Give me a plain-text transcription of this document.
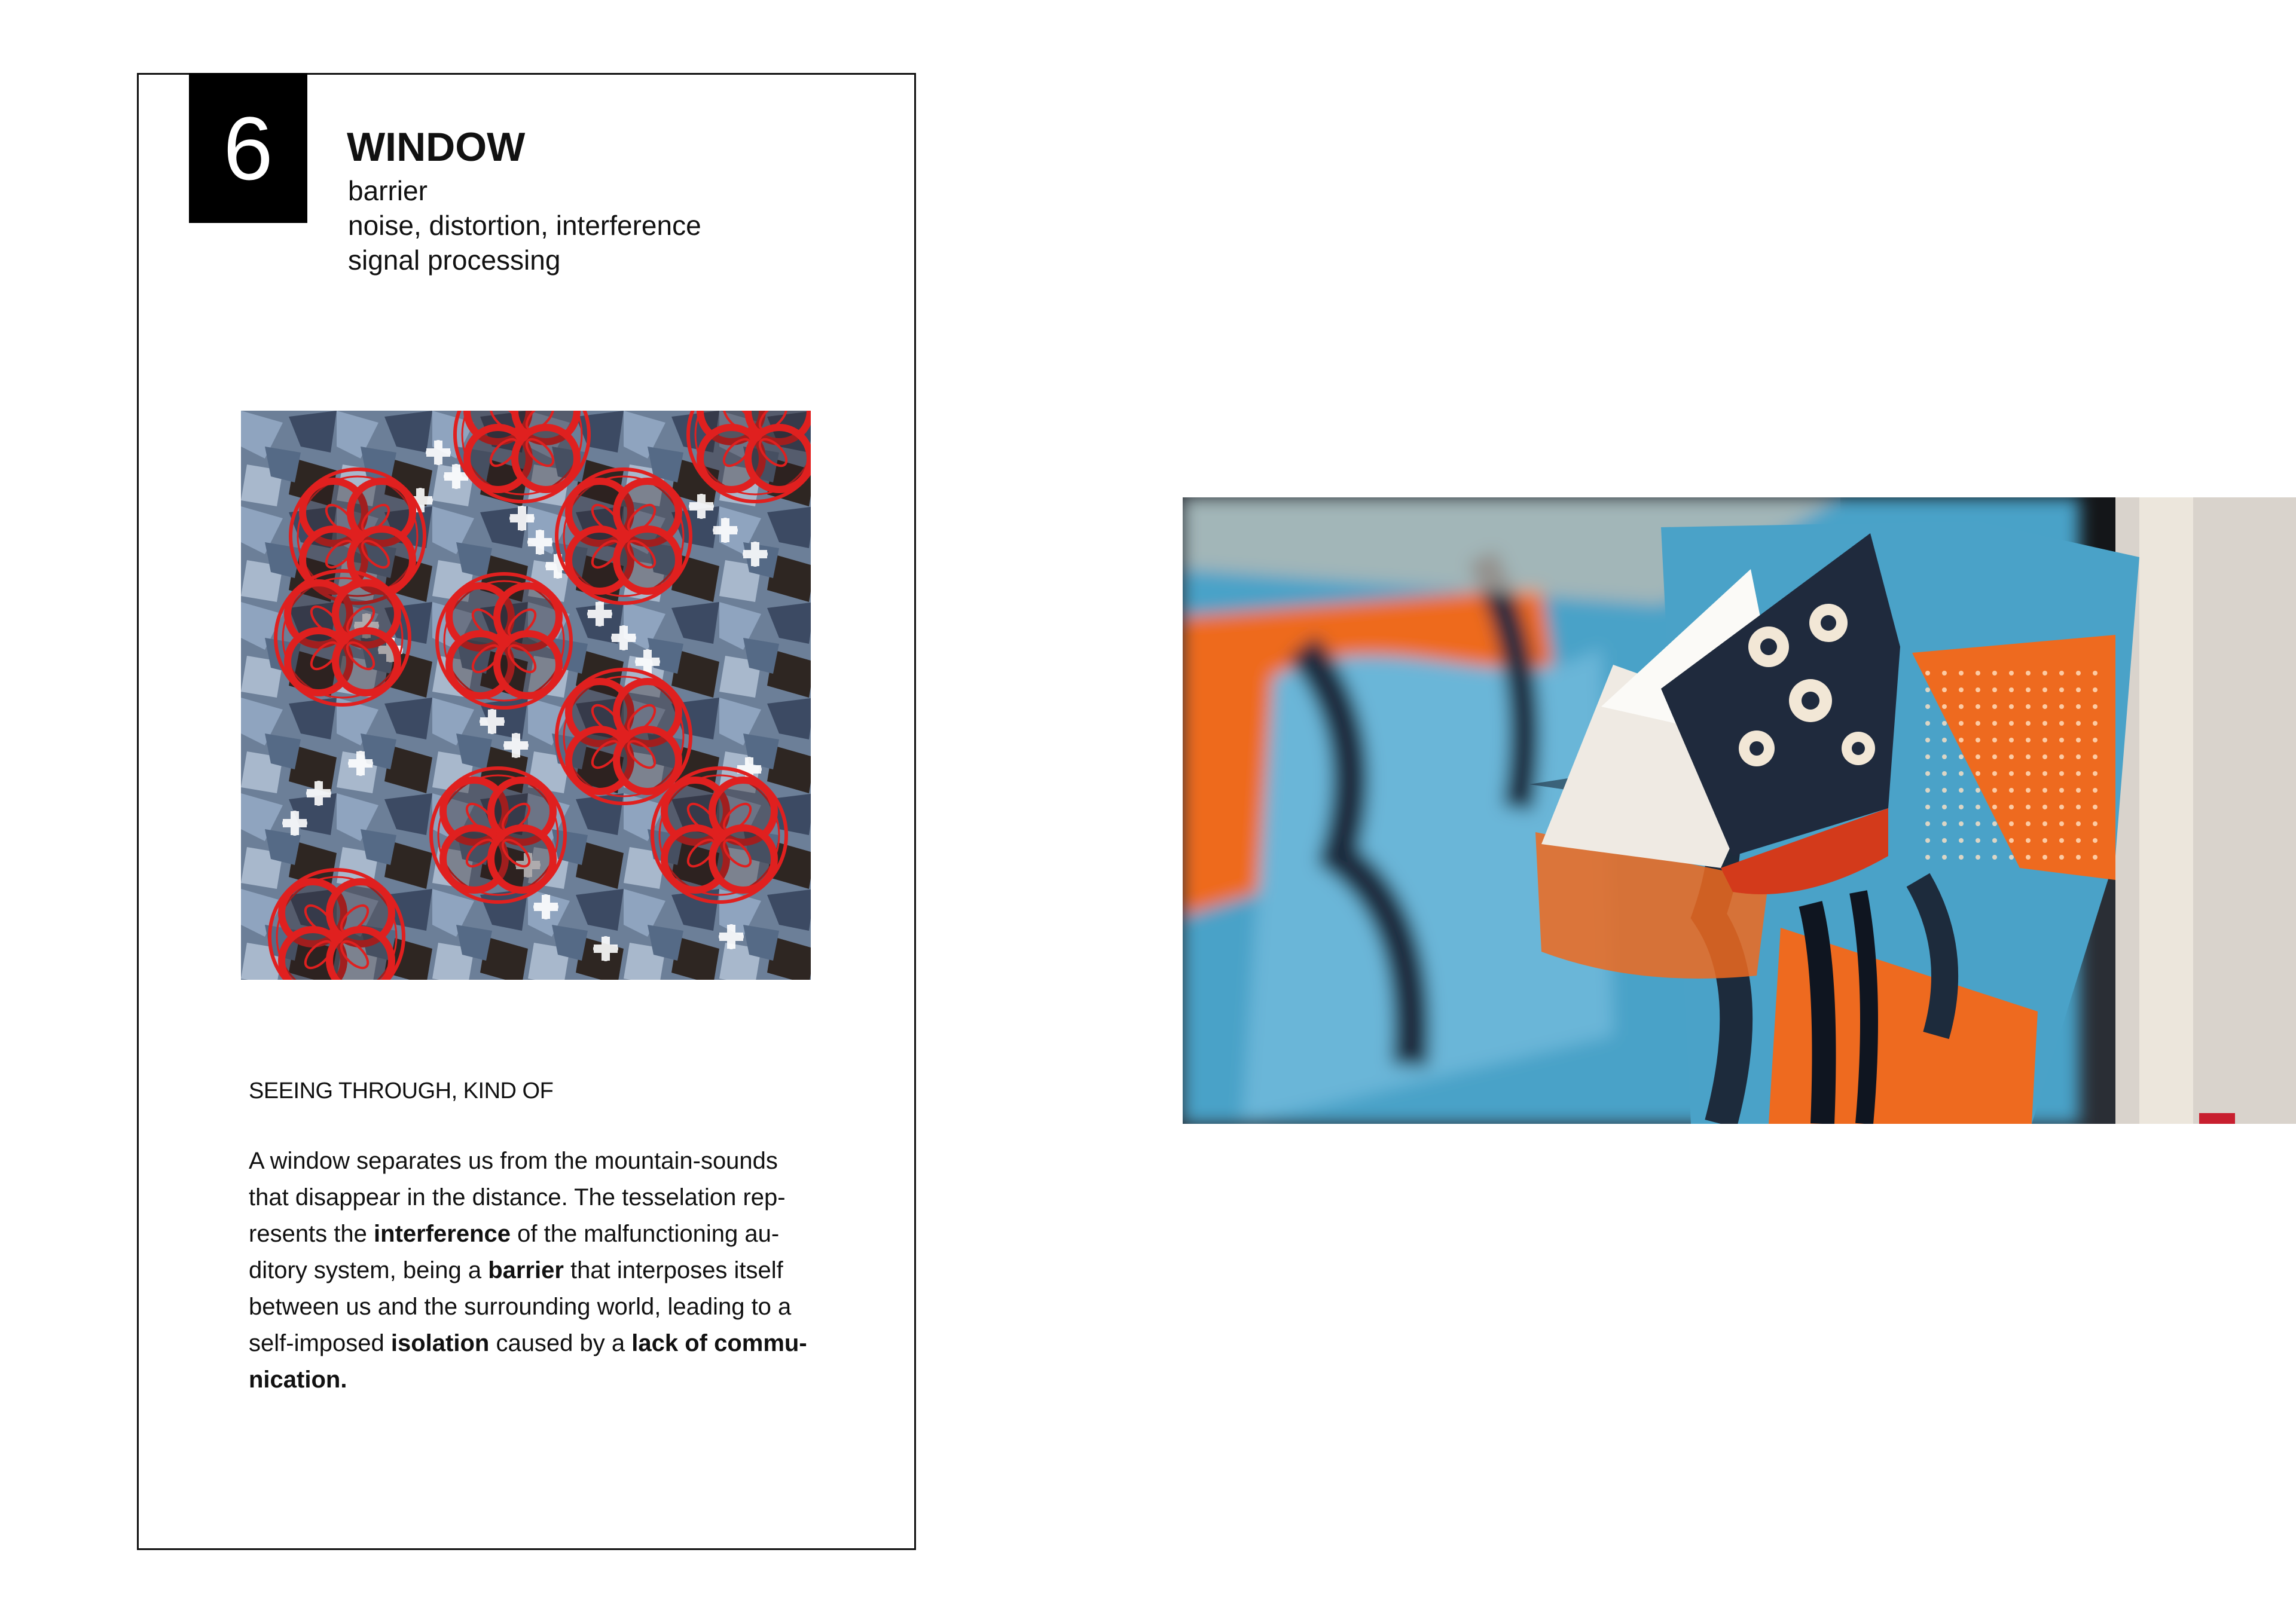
6 WINDOW
barrier
noise, distortion, interference
signal processing
SEEING THROUGH, KIND OF
A window separates us from the mountain-sounds
that disappear in the distance. The tesselation rep-
resents the interference of the malfunctioning au-
ditory system, being a barrier that interposes itself
between us and the surrounding world, leading to a
self-imposed isolation caused by a lack of commu-
nication.
